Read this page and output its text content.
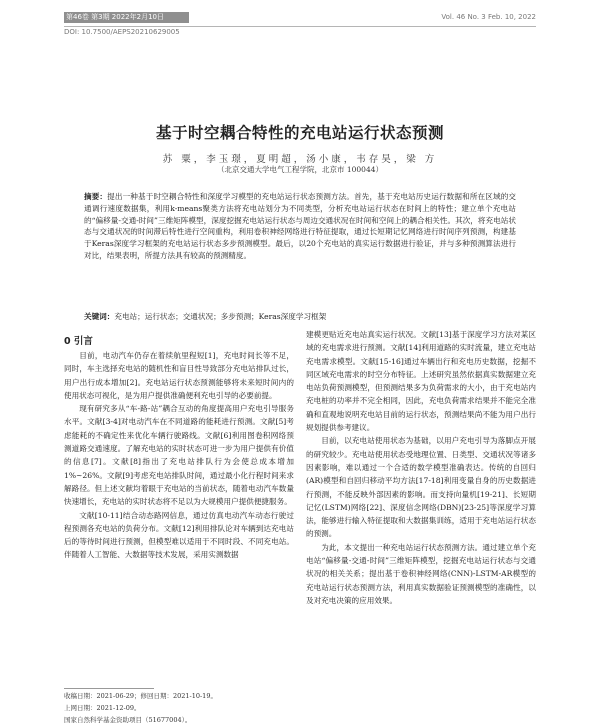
第46卷 第3期 2022年2月10日	Vol. 46 No. 3 Feb. 10, 2022
DOI: 10.7500/AEPS20210629005
基于时空耦合特性的充电站运行状态预测
苏 粟，李玉璟，夏明超，汤小康，韦存昊，梁 方
（北京交通大学电气工程学院，北京市 100044）
摘要：提出一种基于时空耦合特性和深度学习模型的充电站运行状态预测方法。首先，基于充电站历史运行数据和所在区域的交通调行速度数据集，利用k-means聚类方法将充电站划分为不同类型，分析充电站运行状态在时间上的特性；建立单个充电站的“偏移量-交通-时间”三维矩阵模型，深度挖掘充电站运行状态与周边交通状况在时间和空间上的耦合相关性。其次，将充电站状态与交通状况的时间滞后特性进行空间重构，利用卷积神经网络进行特征提取，通过长短期记忆网络进行时间序列预测，构建基于Keras深度学习框架的充电站运行状态多步预测模型。最后，以20个充电站的真实运行数据进行验证，并与多种预测算法进行对比，结果表明，所提方法具有较高的预测精度。
关键词：充电站；运行状态；交通状况；多步预测；Keras深度学习框架
0 引言

目前，电动汽车仍存在着续航里程短[1]，充电时间长等不足，同时，车主选择充电站的随机性和盲目性导致部分充电站排队过长，用户出行成本增加[2]。充电站运行状态预测能够将未来短时间内的使用状态可视化，是为用户提供准确便利充电引导的必要前提。

现有研究多从“车-路-站”耦合互动的角度提高用户充电引导服务水平。文献[3-4]对电动汽车在不同道路的能耗进行预测。文献[5]考虑能耗的不确定性来优化车辆行驶路线。文献[6]利用图卷积网络预测道路交通速度。了解充电站的实时状态可进一步为用户提供有价值的信息[7]。文献[8]指出了充电站排队行为会使总成本增加1%~26%。文献[9]考虑充电站排队时间，通过最小化行程时间来求解路径。但上述文献均着眼于充电站的当前状态，随着电动汽车数量快速增长，充电站的实时状态将不足以为大规模用户提供便捷服务。

文献[10-11]结合动态路网信息，通过仿真电动汽车动态行驶过程预测各充电站的负荷分布。文献[12]利用排队论对车辆到达充电站后的等待时间进行预测，但模型难以适用于不同时段、不同充电站。伴随着人工智能、大数据等技术发展，采用实测数据

建模更贴近充电站真实运行状况。文献[13]基于深度学习方法对某区域的充电需求进行预测。文献[14]利用道路的实时流量，建立充电站充电需求模型。文献[15-16]通过车辆出行和充电历史数据，挖掘不同区域充电需求的时空分布特征。上述研究虽然依据真实数据建立充电站负荷预测模型，但预测结果多为负荷需求的大小，由于充电站内充电桩的功率并不完全相同，因此，充电负荷需求结果并不能完全准确和直观地说明充电站目前的运行状态，预测结果尚不能为用户出行规划提供参考建议。

目前，以充电站使用状态为基础，以用户充电引导为落脚点开展的研究较少。充电站使用状态受地理位置、日类型、交通状况等诸多因素影响，难以通过一个合适的数学模型准确表达。传统的自回归(AR)模型和自回归移动平均方法[17-18]利用变量自身的历史数据进行预测，不能反映外部因素的影响。而支持向量机[19-21]、长短期记忆(LSTM)网络[22]、深度信念网络(DBN)[23-25]等深度学习算法，能够进行输入特征提取和大数据集训练，适用于充电站运行状态的预测。

为此，本文提出一种充电站运行状态预测方法。通过建立单个充电站“偏移量-交通-时间”三维矩阵模型，挖掘充电站运行状态与交通状况的相关关系；提出基于卷积神经网络(CNN)-LSTM-AR模型的充电站运行状态预测方法，利用真实数据验证预测模型的准确性，以及对充电决策的应用效果。

收稿日期：2021-06-29；修回日期：2021-10-19。
上网日期：2021-12-09。
国家自然科学基金资助项目（51677004）。
